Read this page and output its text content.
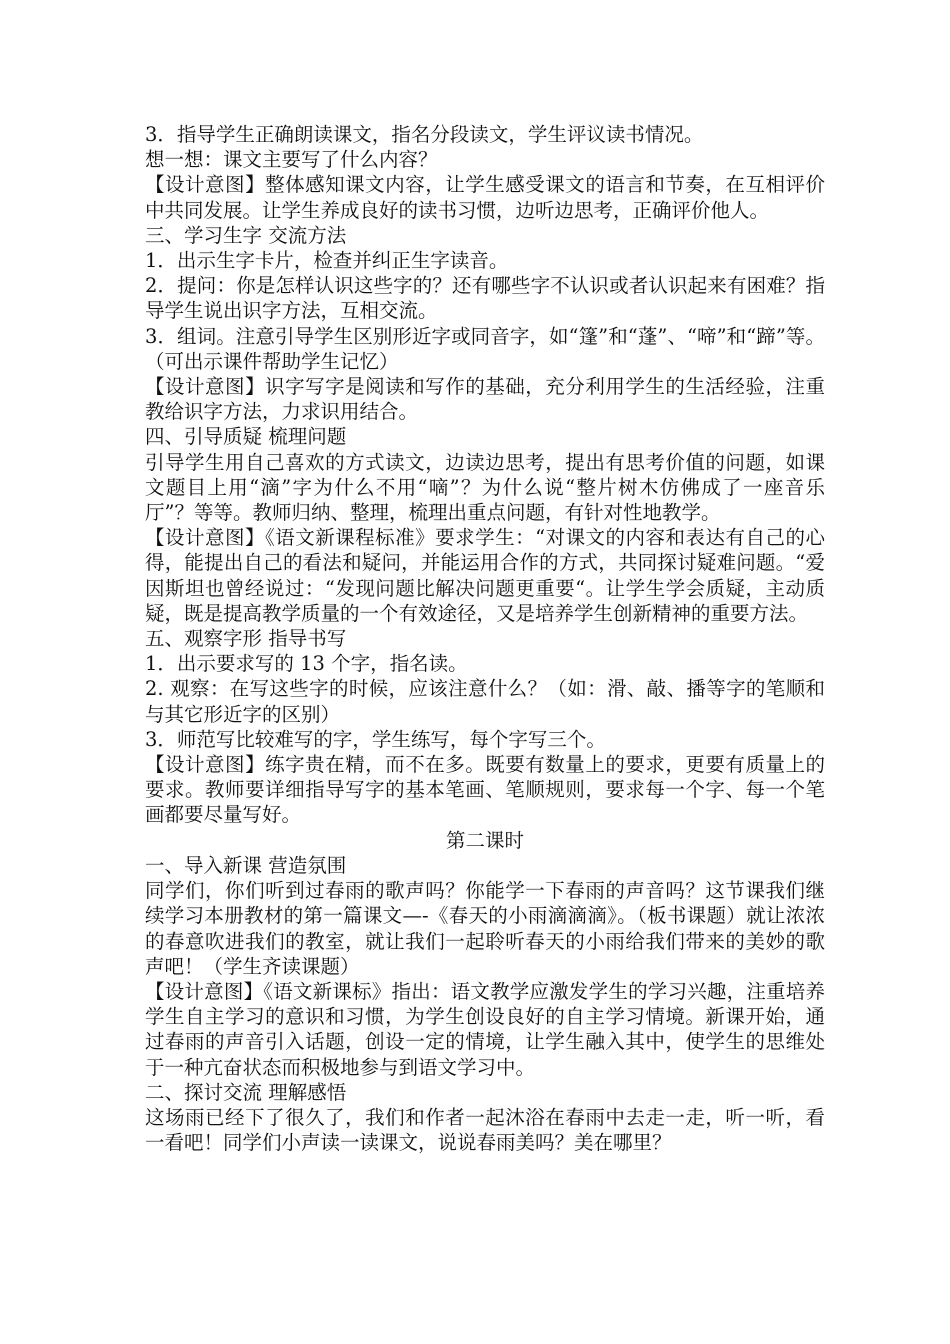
3．指导学生正确朗读课文，指名分段读文，学生评议读书情况。

想一想：课文主要写了什么内容？

【设计意图】整体感知课文内容，让学生感受课文的语言和节奏，在互相评价中共同发展。让学生养成良好的读书习惯，边听边思考，正确评价他人。

三、学习生字 交流方法

1．出示生字卡片，检查并纠正生字读音。

2．提问：你是怎样认识这些字的？还有哪些字不认识或者认识起来有困难？指导学生说出识字方法，互相交流。

3．组词。注意引导学生区别形近字或同音字，如“篷”和“蓬”、“啼”和“蹄”等。（可出示课件帮助学生记忆）

【设计意图】识字写字是阅读和写作的基础，充分利用学生的生活经验，注重教给识字方法，力求识用结合。

四、引导质疑 梳理问题

引导学生用自己喜欢的方式读文，边读边思考，提出有思考价值的问题，如课文题目上用“滴”字为什么不用“嘀”？为什么说“整片树木仿佛成了一座音乐厅”？等等。教师归纳、整理，梳理出重点问题，有针对性地教学。

【设计意图】《语文新课程标准》要求学生：“对课文的内容和表达有自己的心得，能提出自己的看法和疑问，并能运用合作的方式，共同探讨疑难问题。“爱因斯坦也曾经说过：“发现问题比解决问题更重要“。让学生学会质疑，主动质疑，既是提高教学质量的一个有效途径，又是培养学生创新精神的重要方法。

五、观察字形 指导书写

1．出示要求写的 13 个字，指名读。

2. 观察：在写这些字的时候，应该注意什么？（如：滑、敲、播等字的笔顺和与其它形近字的区别）

3．师范写比较难写的字，学生练写，每个字写三个。

【设计意图】练字贵在精，而不在多。既要有数量上的要求，更要有质量上的要求。教师要详细指导写字的基本笔画、笔顺规则，要求每一个字、每一个笔画都要尽量写好。

第二课时

一、导入新课 营造氛围

同学们，你们听到过春雨的歌声吗？你能学一下春雨的声音吗？这节课我们继续学习本册教材的第一篇课文—-《春天的小雨滴滴滴》。（板书课题）就让浓浓的春意吹进我们的教室，就让我们一起聆听春天的小雨给我们带来的美妙的歌声吧！（学生齐读课题）

【设计意图】《语文新课标》指出：语文教学应激发学生的学习兴趣，注重培养学生自主学习的意识和习惯，为学生创设良好的自主学习情境。新课开始，通过春雨的声音引入话题，创设一定的情境，让学生融入其中，使学生的思维处于一种亢奋状态而积极地参与到语文学习中。

二、探讨交流 理解感悟

这场雨已经下了很久了，我们和作者一起沐浴在春雨中去走一走，听一听，看一看吧！同学们小声读一读课文，说说春雨美吗？美在哪里？
